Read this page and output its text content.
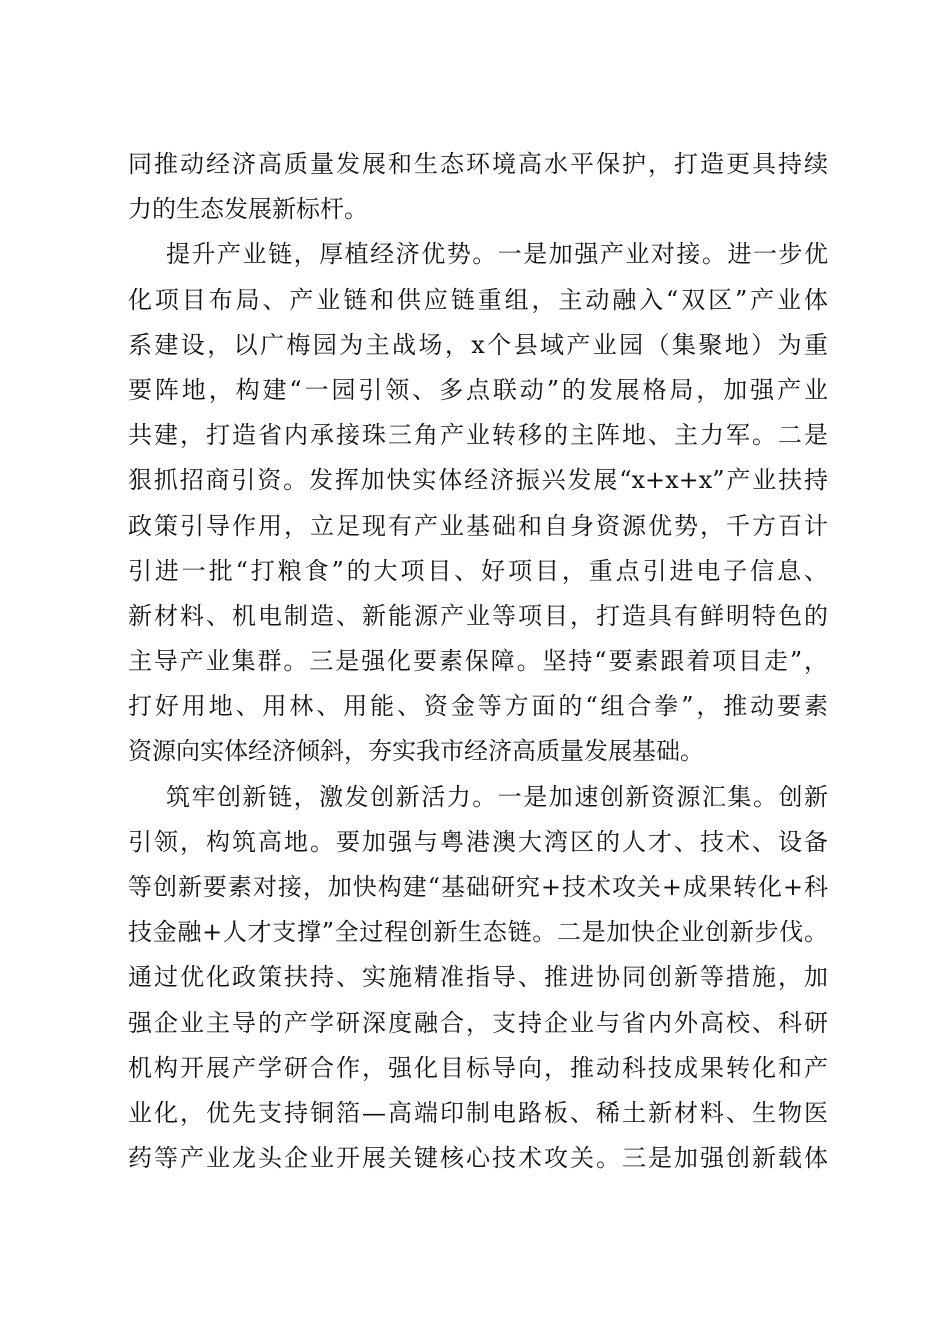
同推动经济高质量发展和生态环境高水平保护，打造更具持续
力的生态发展新标杆。
提升产业链，厚植经济优势。一是加强产业对接。进一步优
化项目布局、产业链和供应链重组，主动融入“双区”产业体
系建设，以广梅园为主战场，x个县域产业园（集聚地）为重
要阵地，构建“一园引领、多点联动”的发展格局，加强产业
共建，打造省内承接珠三角产业转移的主阵地、主力军。二是
狠抓招商引资。发挥加快实体经济振兴发展“x+x+x”产业扶持
政策引导作用，立足现有产业基础和自身资源优势，千方百计
引进一批“打粮食”的大项目、好项目，重点引进电子信息、
新材料、机电制造、新能源产业等项目，打造具有鲜明特色的
主导产业集群。三是强化要素保障。坚持“要素跟着项目走”，
打好用地、用林、用能、资金等方面的“组合拳”，推动要素
资源向实体经济倾斜，夯实我市经济高质量发展基础。
筑牢创新链，激发创新活力。一是加速创新资源汇集。创新
引领，构筑高地。要加强与粤港澳大湾区的人才、技术、设备
等创新要素对接，加快构建“基础研究+技术攻关+成果转化+科
技金融+人才支撑”全过程创新生态链。二是加快企业创新步伐。
通过优化政策扶持、实施精准指导、推进协同创新等措施，加
强企业主导的产学研深度融合，支持企业与省内外高校、科研
机构开展产学研合作，强化目标导向，推动科技成果转化和产
业化，优先支持铜箔—高端印制电路板、稀土新材料、生物医
药等产业龙头企业开展关键核心技术攻关。三是加强创新载体
